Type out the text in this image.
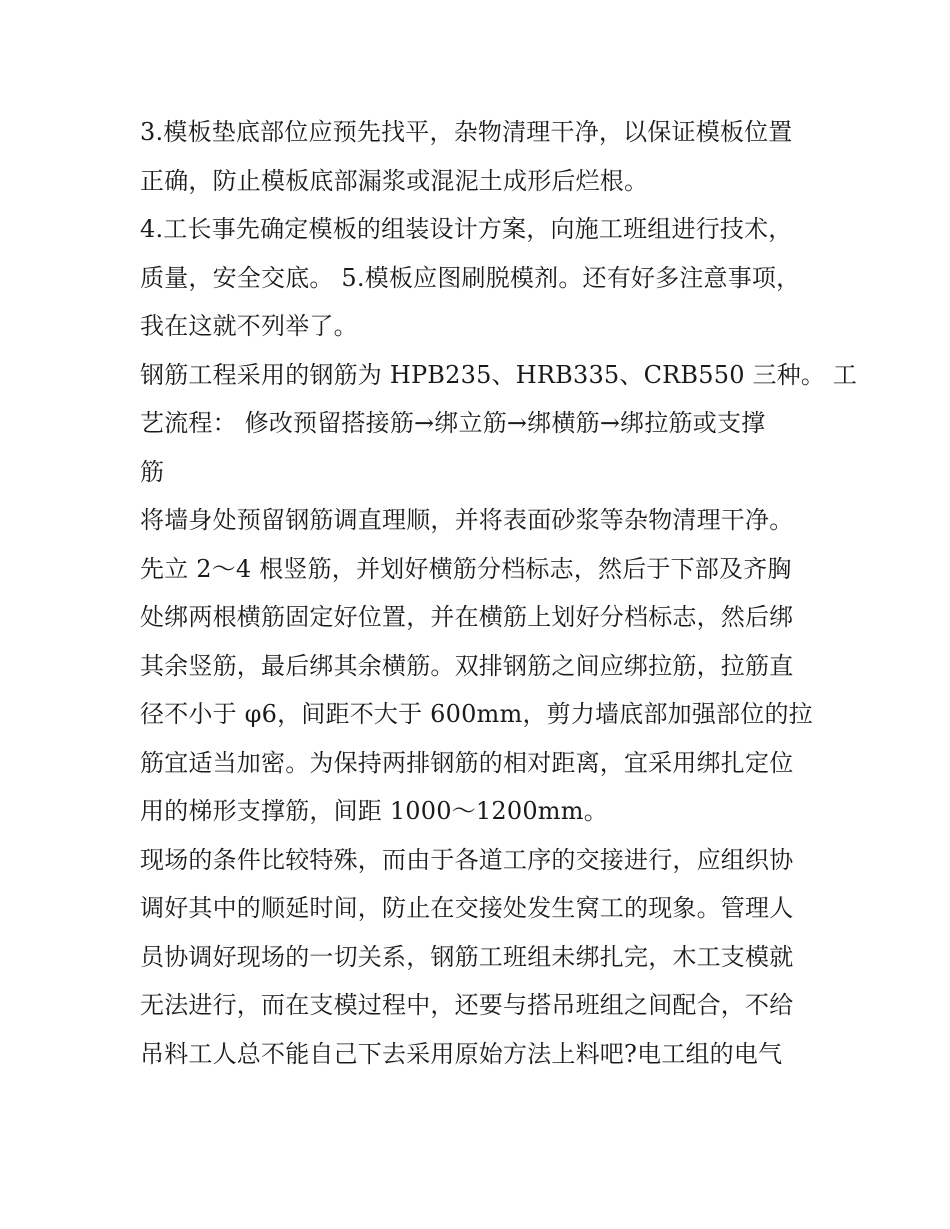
3.模板垫底部位应预先找平，杂物清理干净，以保证模板位置
正确，防止模板底部漏浆或混泥土成形后烂根。
4.工长事先确定模板的组装设计方案，向施工班组进行技术，
质量，安全交底。 5.模板应图刷脱模剂。还有好多注意事项，
我在这就不列举了。
钢筋工程采用的钢筋为 HPB235、HRB335、CRB550 三种。 工
艺流程： 修改预留搭接筋→绑立筋→绑横筋→绑拉筋或支撑
筋
将墙身处预留钢筋调直理顺，并将表面砂浆等杂物清理干净。
先立 2～4 根竖筋，并划好横筋分档标志，然后于下部及齐胸
处绑两根横筋固定好位置，并在横筋上划好分档标志，然后绑
其余竖筋，最后绑其余横筋。双排钢筋之间应绑拉筋，拉筋直
径不小于 φ6，间距不大于 600mm，剪力墙底部加强部位的拉
筋宜适当加密。为保持两排钢筋的相对距离，宜采用绑扎定位
用的梯形支撑筋，间距 1000～1200mm。
现场的条件比较特殊，而由于各道工序的交接进行，应组织协
调好其中的顺延时间，防止在交接处发生窝工的现象。管理人
员协调好现场的一切关系，钢筋工班组未绑扎完，木工支模就
无法进行，而在支模过程中，还要与搭吊班组之间配合，不给
吊料工人总不能自己下去采用原始方法上料吧?电工组的电气
